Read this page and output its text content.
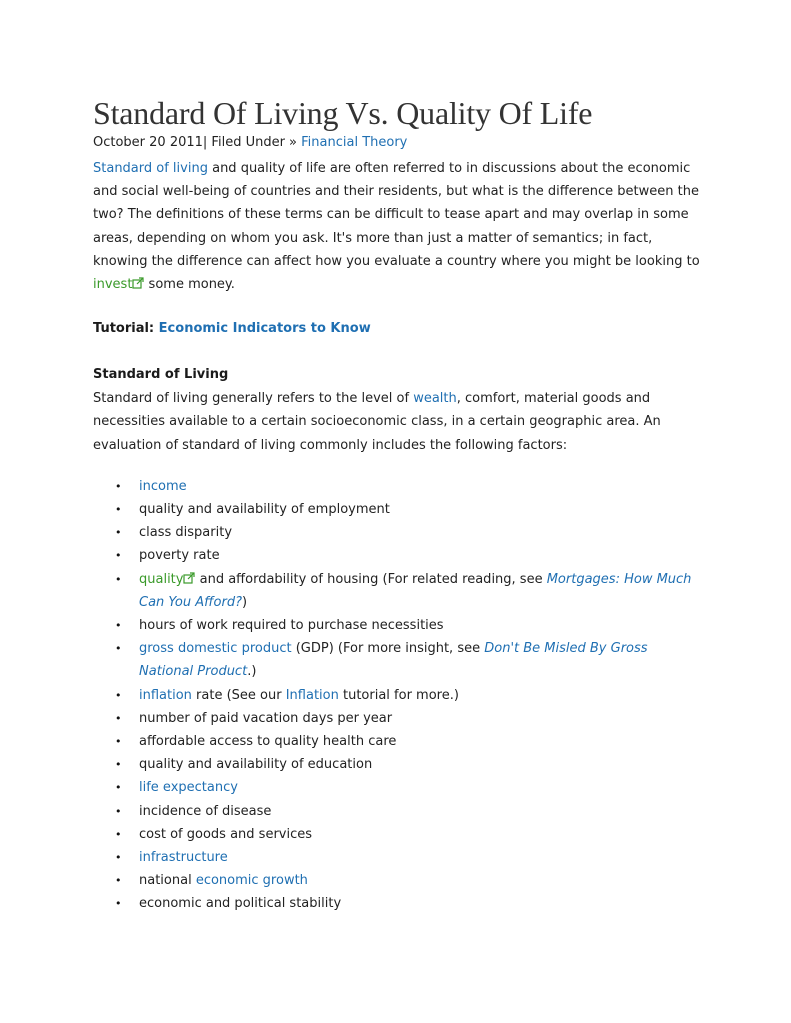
Standard Of Living Vs. Quality Of Life
October 20 2011| Filed Under » Financial Theory

Standard of living and quality of life are often referred to in discussions about the economic and social well-being of countries and their residents, but what is the difference between the two? The definitions of these terms can be difficult to tease apart and may overlap in some areas, depending on whom you ask. It's more than just a matter of semantics; in fact, knowing the difference can affect how you evaluate a country where you might be looking to invest some money.

Tutorial: Economic Indicators to Know
Standard of Living

Standard of living generally refers to the level of wealth, comfort, material goods and necessities available to a certain socioeconomic class, in a certain geographic area. An evaluation of standard of living commonly includes the following factors:

• income
• quality and availability of employment
• class disparity
• poverty rate
• quality and affordability of housing (For related reading, see Mortgages: How Much Can You Afford?)
• hours of work required to purchase necessities
• gross domestic product (GDP) (For more insight, see Don't Be Misled By Gross National Product.)
• inflation rate (See our Inflation tutorial for more.)
• number of paid vacation days per year
• affordable access to quality health care
• quality and availability of education
• life expectancy
• incidence of disease
• cost of goods and services
• infrastructure
• national economic growth
• economic and political stability
